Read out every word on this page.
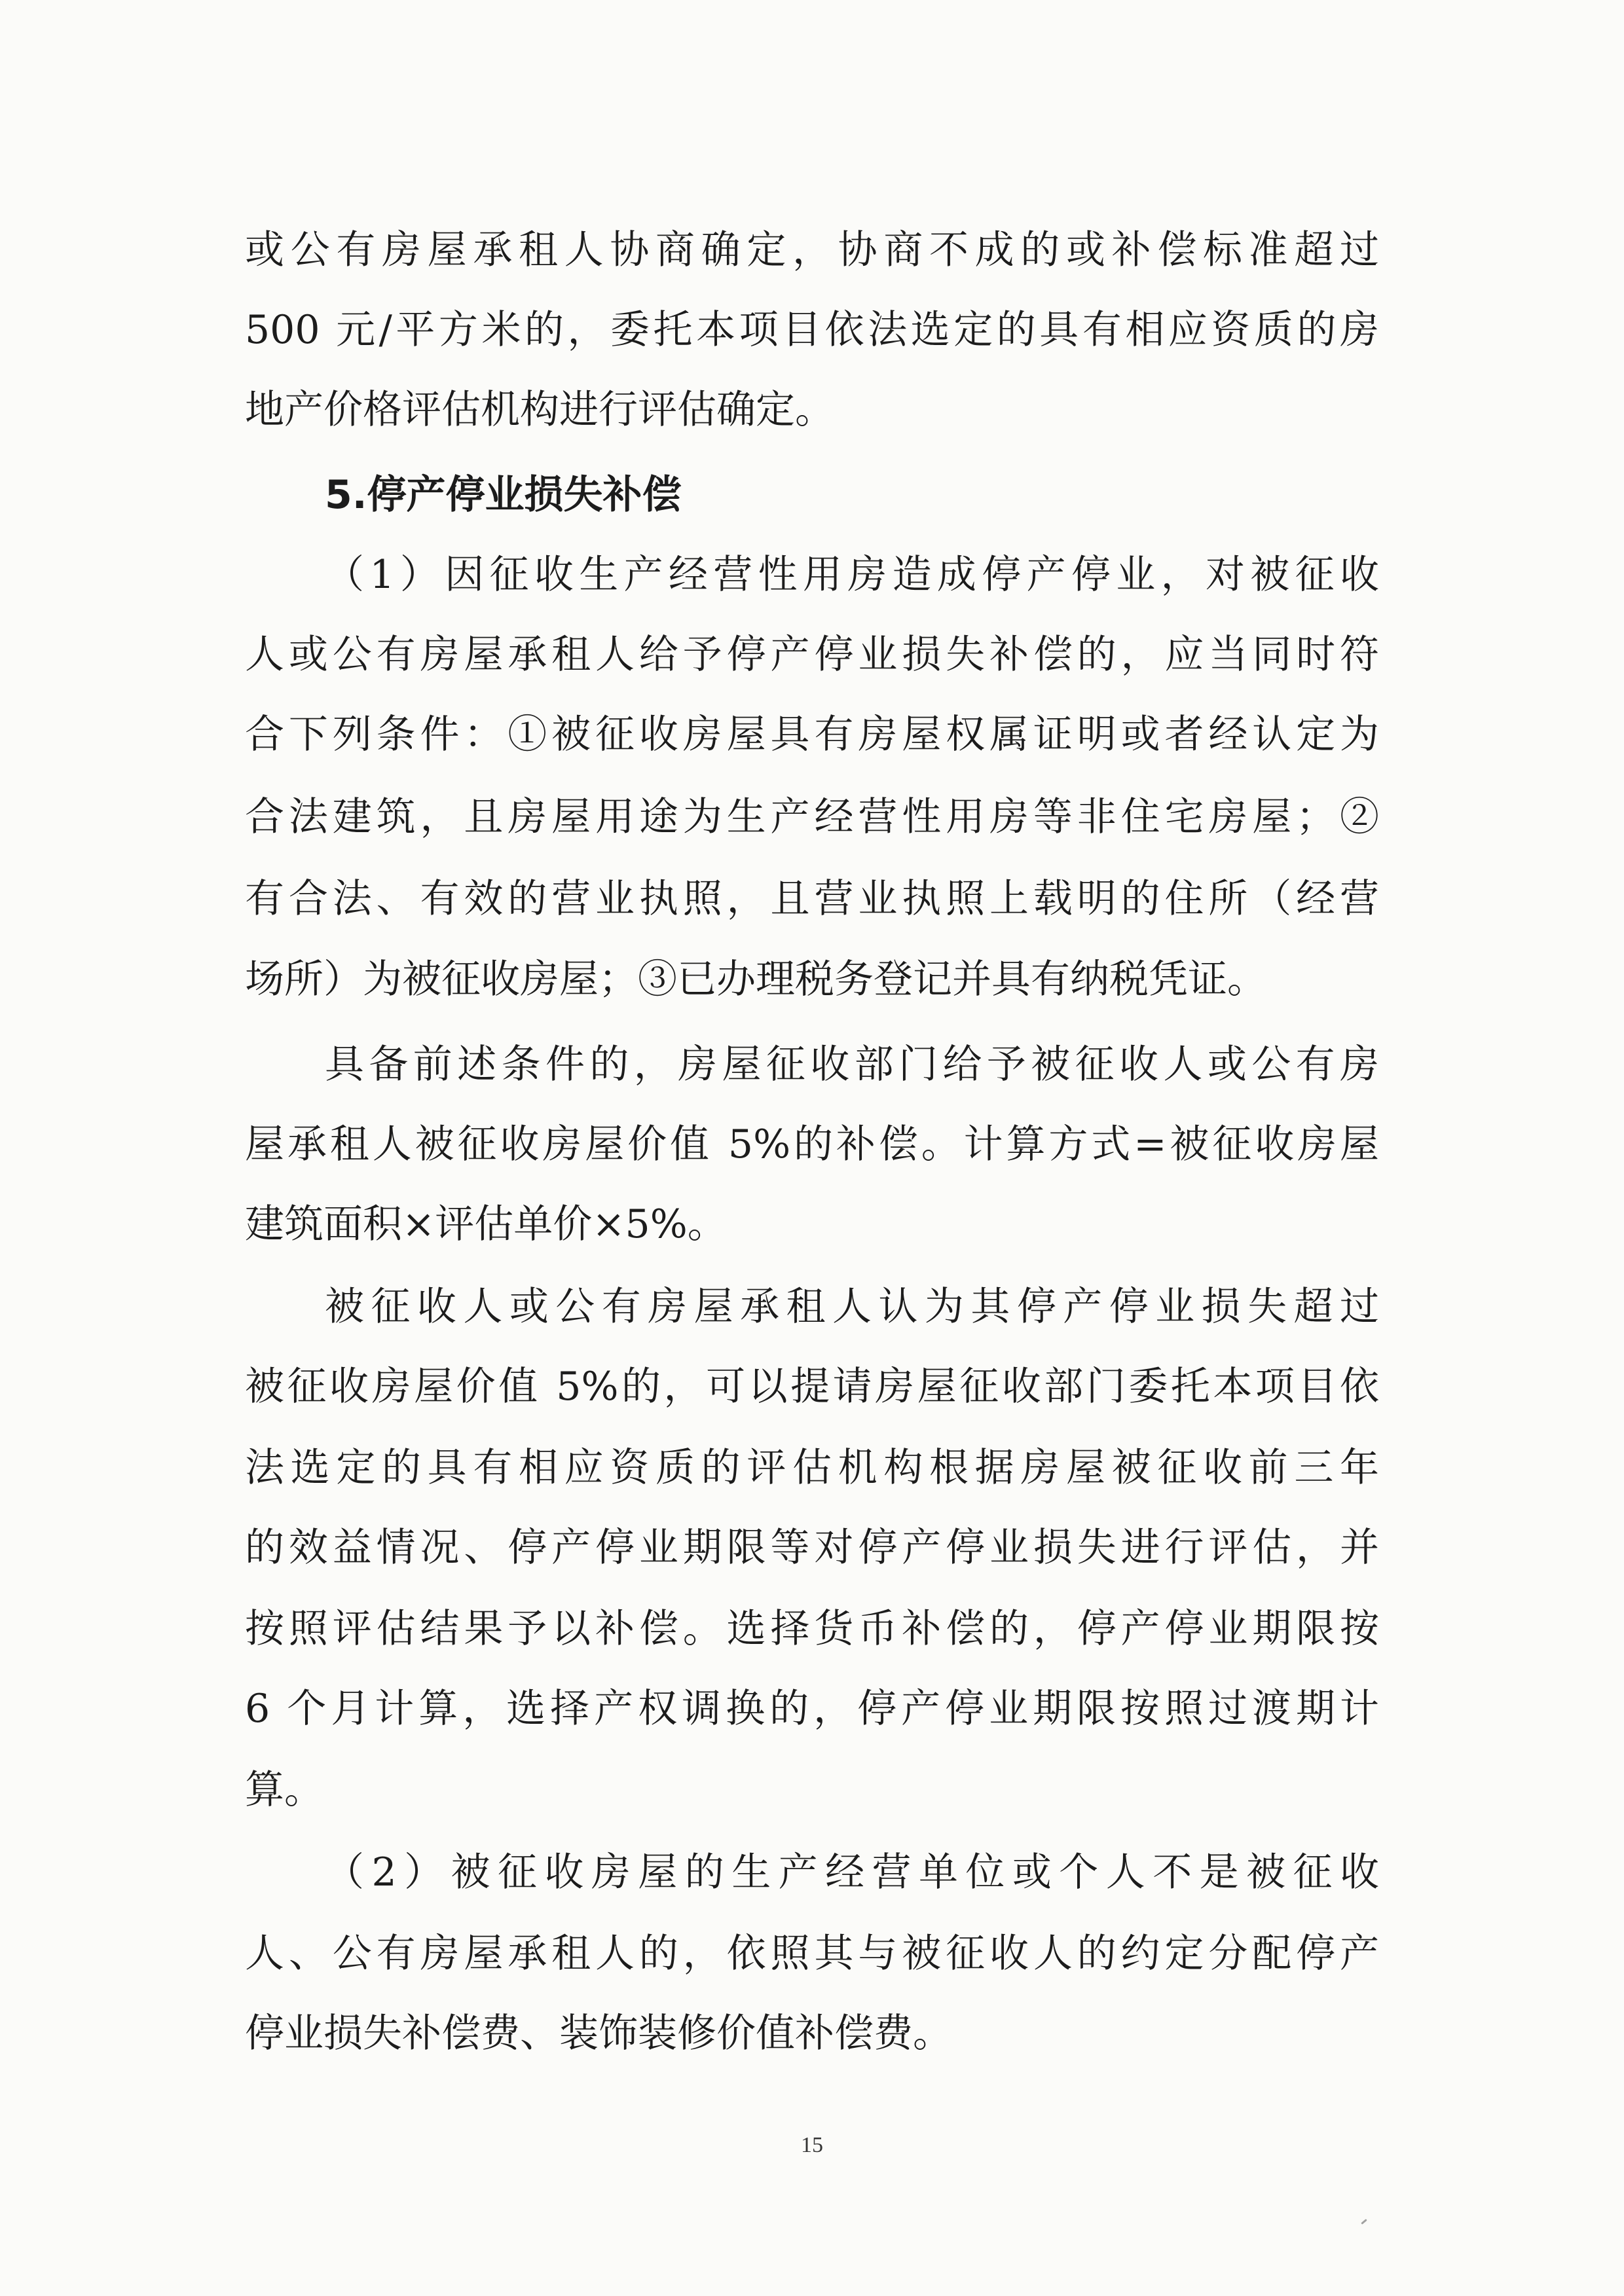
或公有房屋承租人协商确定，协商不成的或补偿标准超过
500 元/平方米的，委托本项目依法选定的具有相应资质的房
地产价格评估机构进行评估确定。
5.停产停业损失补偿
（1）因征收生产经营性用房造成停产停业，对被征收
人或公有房屋承租人给予停产停业损失补偿的，应当同时符
合下列条件：①被征收房屋具有房屋权属证明或者经认定为
合法建筑，且房屋用途为生产经营性用房等非住宅房屋；②
有合法、有效的营业执照，且营业执照上载明的住所（经营
场所）为被征收房屋；③已办理税务登记并具有纳税凭证。
具备前述条件的，房屋征收部门给予被征收人或公有房
屋承租人被征收房屋价值 5%的补偿。计算方式=被征收房屋
建筑面积×评估单价×5%。
被征收人或公有房屋承租人认为其停产停业损失超过
被征收房屋价值 5%的，可以提请房屋征收部门委托本项目依
法选定的具有相应资质的评估机构根据房屋被征收前三年
的效益情况、停产停业期限等对停产停业损失进行评估，并
按照评估结果予以补偿。选择货币补偿的，停产停业期限按
6 个月计算，选择产权调换的，停产停业期限按照过渡期计
算。
（2）被征收房屋的生产经营单位或个人不是被征收
人、公有房屋承租人的，依照其与被征收人的约定分配停产
停业损失补偿费、装饰装修价值补偿费。
15
